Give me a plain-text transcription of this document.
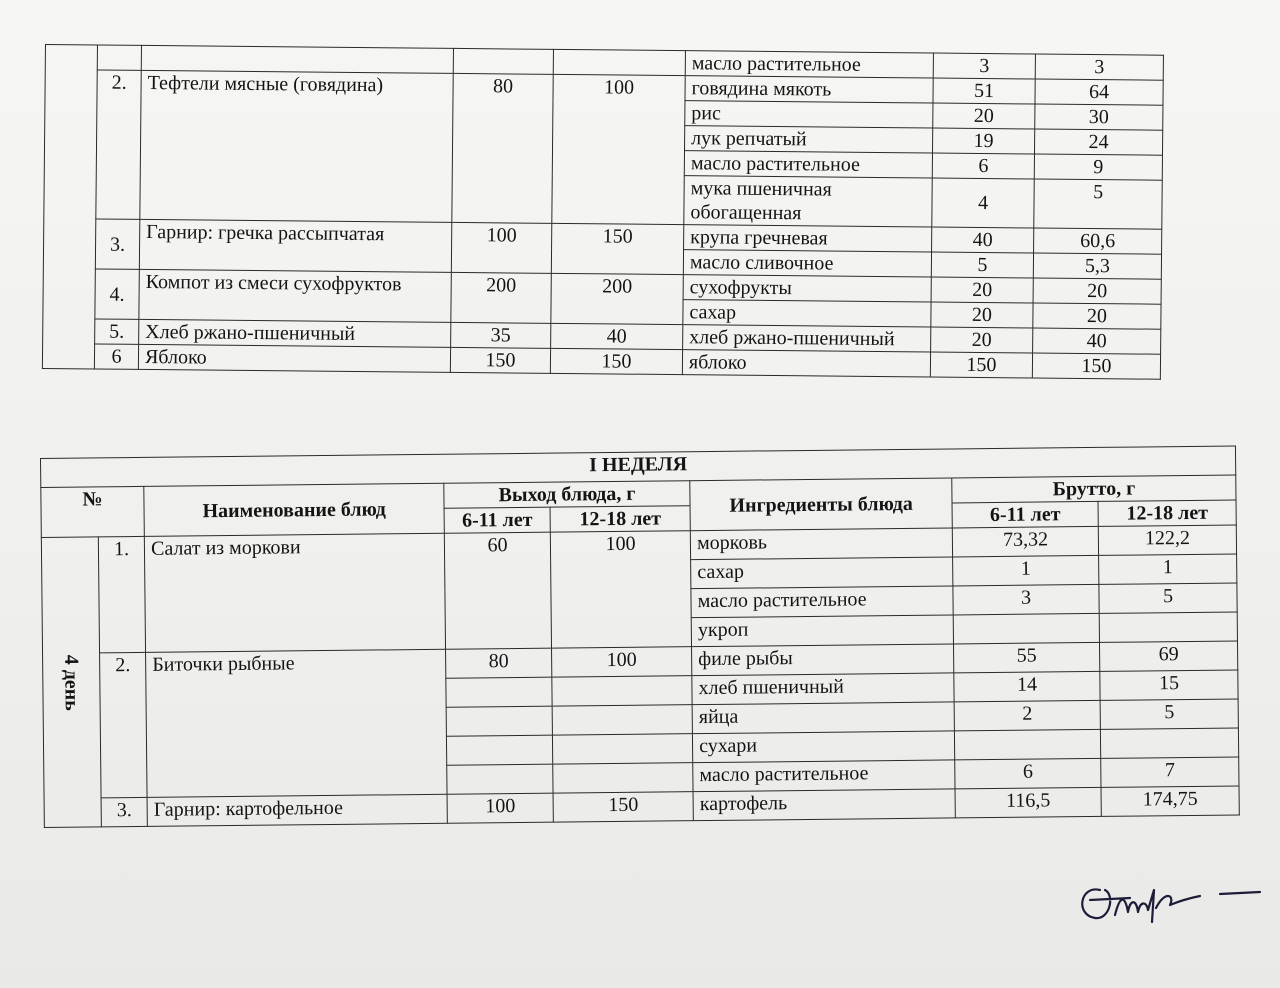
					масло растительное	3	3
	2.	Тефтели мясные (говядина)	80	100	говядина мякоть	51	64
					рис	20	30
					лук репчатый	19	24
					масло растительное	6	9
					мука пшеничная обогащенная	4	5
	3.	Гарнир: гречка рассыпчатая	100	150	крупа гречневая	40	60,6
					масло сливочное	5	5,3
	4.	Компот из смеси сухофруктов	200	200	сухофрукты	20	20
					сахар	20	20
	5.	Хлеб ржано-пшеничный	35	40	хлеб ржано-пшеничный	20	40
	6	Яблоко	150	150	яблоко	150	150
I НЕДЕЛЯ							
№		Наименование блюд	Выход блюда, г		Ингредиенты блюда	Брутто, г	
			6-11 лет	12-18 лет		6-11 лет	12-18 лет
4 день	1.	Салат из моркови	60	100	морковь	73,32	122,2
					сахар	1	1
					масло растительное	3	5
					укроп		
	2.	Биточки рыбные	80	100	филе рыбы	55	69
					хлеб пшеничный	14	15
					яйца	2	5
					сухари		
					масло растительное	6	7
	3.	Гарнир: картофельное	100	150	картофель	116,5	174,75
